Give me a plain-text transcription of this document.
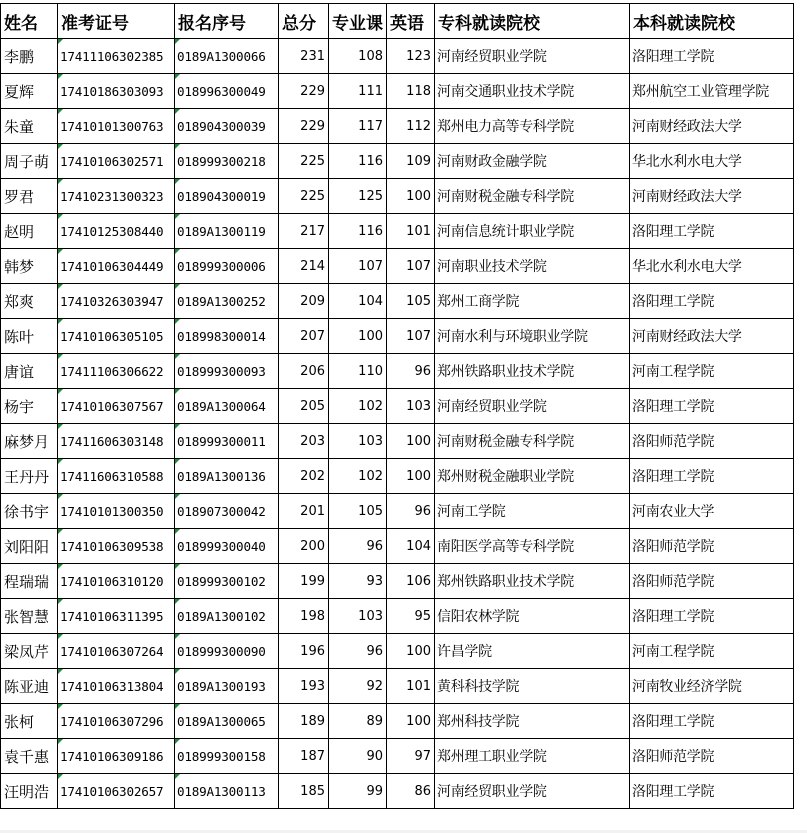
姓名	准考证号	报名序号	总分	专业课	英语	专科就读院校	本科就读院校
李鹏	17411106302385	0189A1300066	231	108	123	河南经贸职业学院	洛阳理工学院
夏辉	17410186303093	018996300049	229	111	118	河南交通职业技术学院	郑州航空工业管理学院
朱童	17410101300763	018904300039	229	117	112	郑州电力高等专科学院	河南财经政法大学
周子萌	17410106302571	018999300218	225	116	109	河南财政金融学院	华北水利水电大学
罗君	17410231300323	018904300019	225	125	100	河南财税金融专科学院	河南财经政法大学
赵明	17410125308440	0189A1300119	217	116	101	河南信息统计职业学院	洛阳理工学院
韩梦	17410106304449	018999300006	214	107	107	河南职业技术学院	华北水利水电大学
郑爽	17410326303947	0189A1300252	209	104	105	郑州工商学院	洛阳理工学院
陈叶	17410106305105	018998300014	207	100	107	河南水利与环境职业学院	河南财经政法大学
唐谊	17411106306622	018999300093	206	110	96	郑州铁路职业技术学院	河南工程学院
杨宇	17410106307567	0189A1300064	205	102	103	河南经贸职业学院	洛阳理工学院
麻梦月	17411606303148	018999300011	203	103	100	河南财税金融专科学院	洛阳师范学院
王丹丹	17411606310588	0189A1300136	202	102	100	郑州财税金融职业学院	洛阳理工学院
徐书宇	17410101300350	018907300042	201	105	96	河南工学院	河南农业大学
刘阳阳	17410106309538	018999300040	200	96	104	南阳医学高等专科学院	洛阳师范学院
程瑞瑞	17410106310120	018999300102	199	93	106	郑州铁路职业技术学院	洛阳师范学院
张智慧	17410106311395	0189A1300102	198	103	95	信阳农林学院	洛阳理工学院
梁凤芹	17410106307264	018999300090	196	96	100	许昌学院	河南工程学院
陈亚迪	17410106313804	0189A1300193	193	92	101	黄科科技学院	河南牧业经济学院
张柯	17410106307296	0189A1300065	189	89	100	郑州科技学院	洛阳理工学院
袁千惠	17410106309186	018999300158	187	90	97	郑州理工职业学院	洛阳师范学院
汪明浩	17410106302657	0189A1300113	185	99	86	河南经贸职业学院	洛阳理工学院
